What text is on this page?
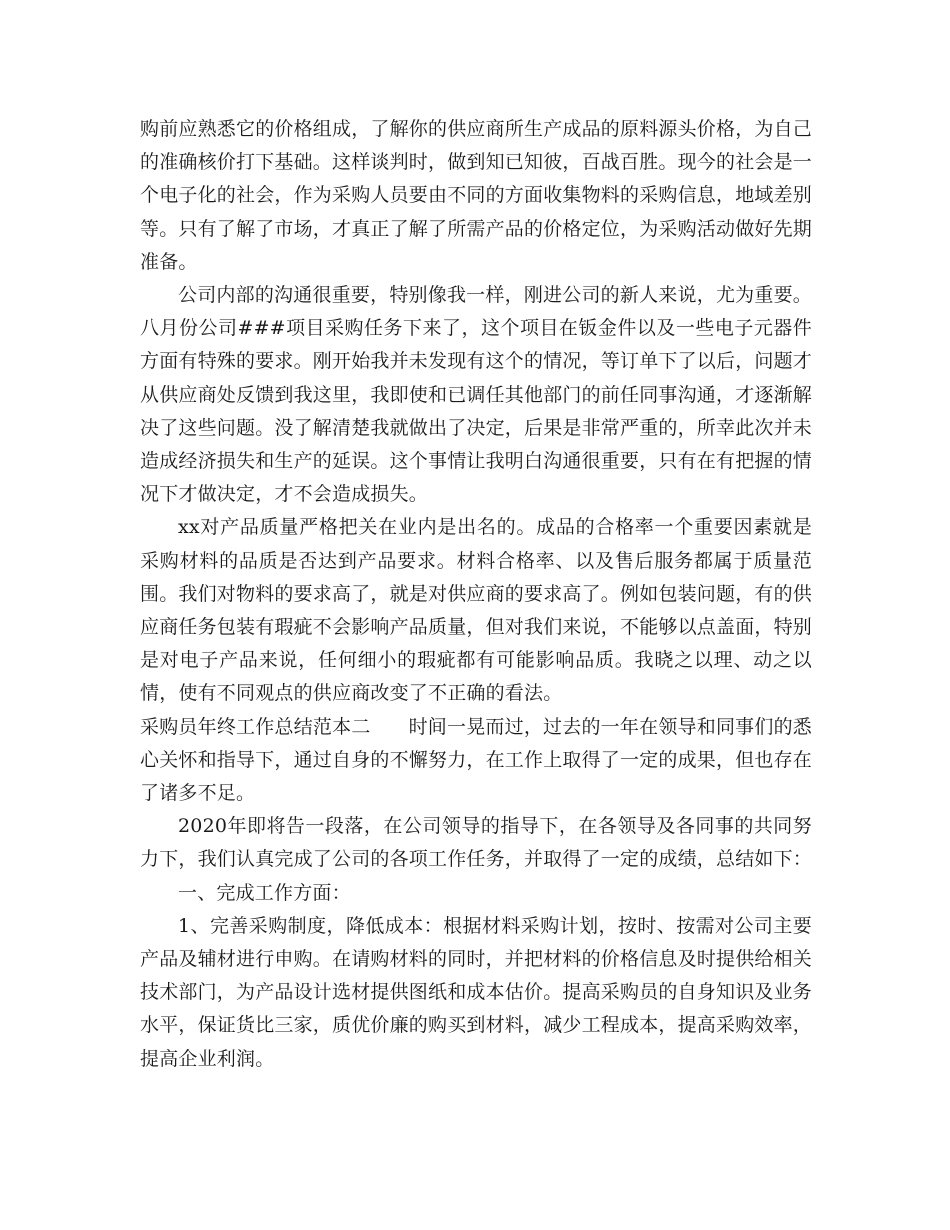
购前应熟悉它的价格组成，了解你的供应商所生产成品的原料源头价格，为自己的准确核价打下基础。这样谈判时，做到知已知彼，百战百胜。现今的社会是一个电子化的社会，作为采购人员要由不同的方面收集物料的采购信息，地域差别等。只有了解了市场，才真正了解了所需产品的价格定位，为采购活动做好先期准备。

公司内部的沟通很重要，特别像我一样，刚进公司的新人来说，尤为重要。八月份公司###项目采购任务下来了，这个项目在钣金件以及一些电子元器件方面有特殊的要求。刚开始我并未发现有这个的情况，等订单下了以后，问题才从供应商处反馈到我这里，我即使和已调任其他部门的前任同事沟通，才逐渐解决了这些问题。没了解清楚我就做出了决定，后果是非常严重的，所幸此次并未造成经济损失和生产的延误。这个事情让我明白沟通很重要，只有在有把握的情况下才做决定，才不会造成损失。

xx对产品质量严格把关在业内是出名的。成品的合格率一个重要因素就是采购材料的品质是否达到产品要求。材料合格率、以及售后服务都属于质量范围。我们对物料的要求高了，就是对供应商的要求高了。例如包装问题，有的供应商任务包装有瑕疵不会影响产品质量，但对我们来说，不能够以点盖面，特别是对电子产品来说，任何细小的瑕疵都有可能影响品质。我晓之以理、动之以情，使有不同观点的供应商改变了不正确的看法。

采购员年终工作总结范本二 时间一晃而过，过去的一年在领导和同事们的悉心关怀和指导下，通过自身的不懈努力，在工作上取得了一定的成果，但也存在了诸多不足。

2020年即将告一段落，在公司领导的指导下，在各领导及各同事的共同努力下，我们认真完成了公司的各项工作任务，并取得了一定的成绩，总结如下：

一、完成工作方面：

1、完善采购制度，降低成本：根据材料采购计划，按时、按需对公司主要产品及辅材进行申购。在请购材料的同时，并把材料的价格信息及时提供给相关技术部门，为产品设计选材提供图纸和成本估价。提高采购员的自身知识及业务水平，保证货比三家，质优价廉的购买到材料，减少工程成本，提高采购效率，提高企业利润。
